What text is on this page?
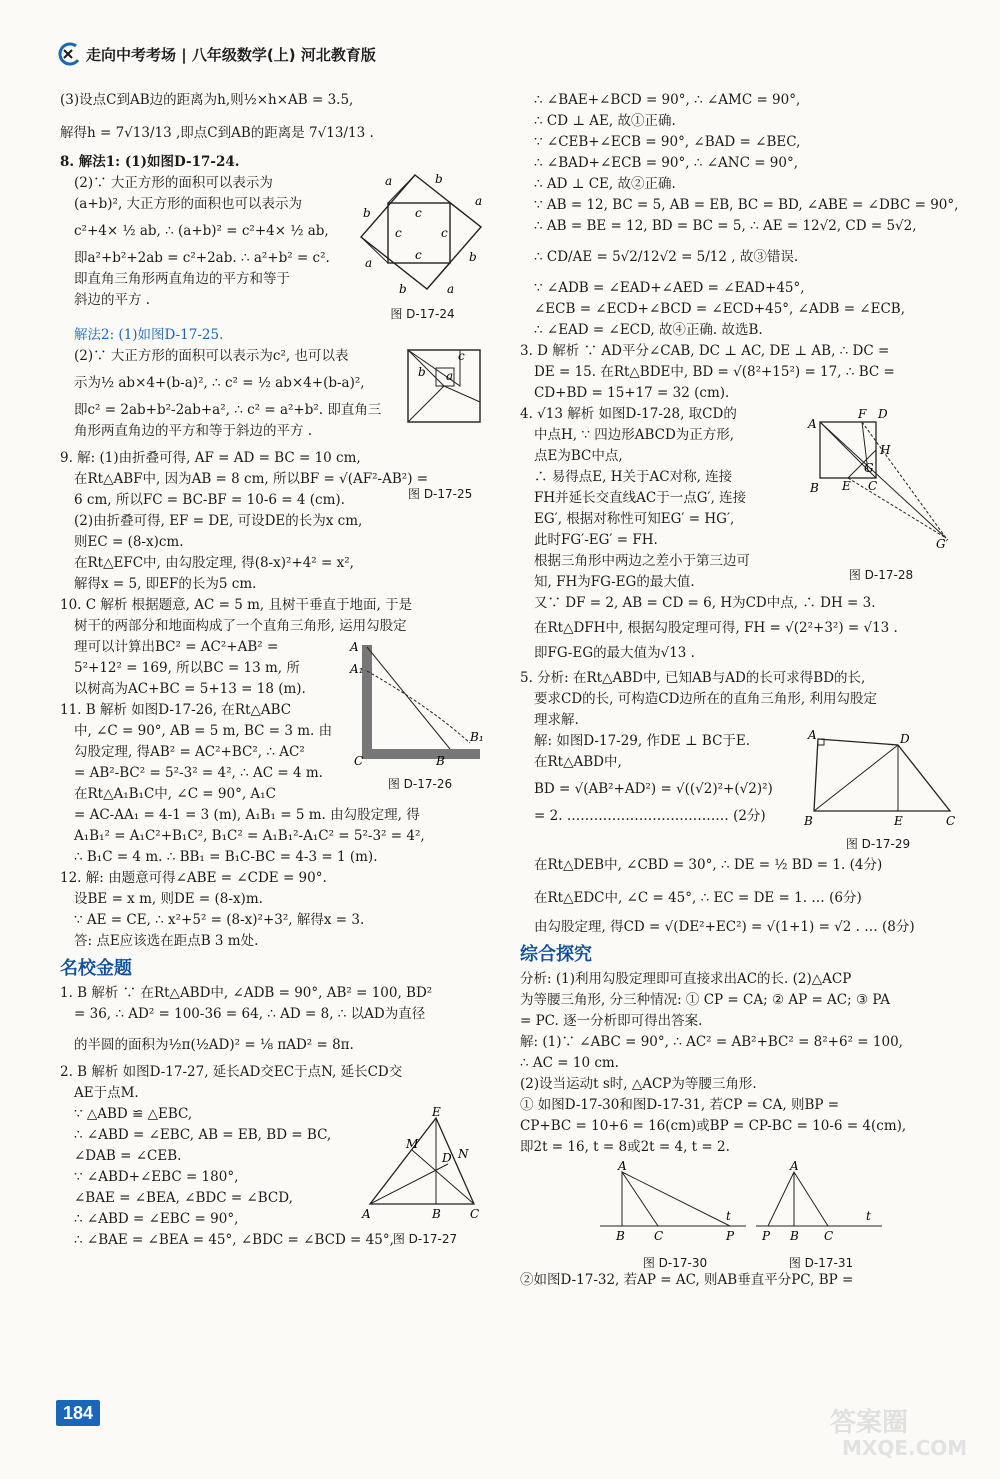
走向中考考场 | 八年级数学(上) 河北教育版

(3)设点C到AB边的距离为h,则½×h×AB = 3.5,

解得h = 7√13/13 ,即点C到AB的距离是 7√13/13 .

8. 解法1: (1)如图D-17-24.

a	b
b
a
c	c
c
c
a	b
b	a
图 D-17-24

(2)∵ 大正方形的面积可以表示为

(a+b)², 大正方形的面积也可以表示为

c²+4× ½ ab, ∴ (a+b)² = c²+4× ½ ab,

即a²+b²+2ab = c²+2ab. ∴ a²+b² = c².

即直角三角形两直角边的平方和等于

斜边的平方 .

解法2: (1)如图D-17-25.

c
b a

(2)∵ 大正方形的面积可以表示为c², 也可以表

示为½ ab×4+(b-a)², ∴ c² = ½ ab×4+(b-a)²,

即c² = 2ab+b²-2ab+a², ∴ c² = a²+b². 即直角三

角形两直角边的平方和等于斜边的平方 .

图 D-17-25

9. 解: (1)由折叠可得, AF = AD = BC = 10 cm,

在Rt△ABF中, 因为AB = 8 cm, 所以BF = √(AF²-AB²) =

6 cm, 所以FC = BC-BF = 10-6 = 4 (cm).

(2)由折叠可得, EF = DE, 可设DE的长为x cm,

则EC = (8-x)cm.

在Rt△EFC中, 由勾股定理, 得(8-x)²+4² = x²,

解得x = 5, 即EF的长为5 cm.

10. C 解析 根据题意, AC = 5 m, 且树干垂直于地面, 于是

树干的两部分和地面构成了一个直角三角形, 运用勾股定

A
A₁
C	B
B₁
图 D-17-26

理可以计算出BC² = AC²+AB² =

5²+12² = 169, 所以BC = 13 m, 所

以树高为AC+BC = 5+13 = 18 (m).

11. B 解析 如图D-17-26, 在Rt△ABC

中, ∠C = 90°, AB = 5 m, BC = 3 m. 由

勾股定理, 得AB² = AC²+BC², ∴ AC²

= AB²-BC² = 5²-3² = 4², ∴ AC = 4 m.

在Rt△A₁B₁C中, ∠C = 90°, A₁C

= AC-AA₁ = 4-1 = 3 (m), A₁B₁ = 5 m. 由勾股定理, 得

A₁B₁² = A₁C²+B₁C², B₁C² = A₁B₁²-A₁C² = 5²-3² = 4²,

∴ B₁C = 4 m. ∴ BB₁ = B₁C-BC = 4-3 = 1 (m).

12. 解: 由题意可得∠ABE = ∠CDE = 90°.

设BE = x m, 则DE = (8-x)m.

∵ AE = CE, ∴ x²+5² = (8-x)²+3², 解得x = 3.

答: 点E应该选在距点B 3 m处.

名校金题

1. B 解析 ∵ 在Rt△ABD中, ∠ADB = 90°, AB² = 100, BD²

= 36, ∴ AD² = 100-36 = 64, ∴ AD = 8, ∴ 以AD为直径

的半圆的面积为½π(½AD)² = ⅛ πAD² = 8π.

2. B 解析 如图D-17-27, 延长AD交EC于点N, 延长CD交

AE于点M.

E
M
D N
A	B C
图 D-17-27

∵ △ABD ≌ △EBC,

∴ ∠ABD = ∠EBC, AB = EB, BD = BC,

∠DAB = ∠CEB.

∵ ∠ABD+∠EBC = 180°,

∠BAE = ∠BEA, ∠BDC = ∠BCD,

∴ ∠ABD = ∠EBC = 90°,

∴ ∠BAE = ∠BEA = 45°, ∠BDC = ∠BCD = 45°,

∴ ∠BAE+∠BCD = 90°, ∴ ∠AMC = 90°,

∴ CD ⊥ AE, 故①正确.

∵ ∠CEB+∠ECB = 90°, ∠BAD = ∠BEC,

∴ ∠BAD+∠ECB = 90°, ∴ ∠ANC = 90°,

∴ AD ⊥ CE, 故②正确.

∵ AB = 12, BC = 5, AB = EB, BC = BD, ∠ABE = ∠DBC = 90°,

∴ AB = BE = 12, BD = BC = 5, ∴ AE = 12√2, CD = 5√2,

∴ CD/AE = 5√2/12√2 = 5/12 , 故③错误.

∵ ∠ADB = ∠EAD+∠AED = ∠EAD+45°,

∠ECB = ∠ECD+∠BCD = ∠ECD+45°, ∠ADB = ∠ECB,

∴ ∠EAD = ∠ECD, 故④正确. 故选B.

3. D 解析 ∵ AD平分∠CAB, DC ⊥ AC, DE ⊥ AB, ∴ DC =

DE = 15. 在Rt△BDE中, BD = √(8²+15²) = 17, ∴ BC =

CD+BD = 15+17 = 32 (cm).

F D
A
H
G
B E C
G′
图 D-17-28

4. √13 解析 如图D-17-28, 取CD的

中点H, ∵ 四边形ABCD为正方形,

点E为BC中点,

∴ 易得点E, H关于AC对称, 连接

FH并延长交直线AC于一点G′, 连接

EG′, 根据对称性可知EG′ = HG′,

此时FG′-EG′ = FH.

根据三角形中两边之差小于第三边可

知, FH为FG-EG的最大值.

又∵ DF = 2, AB = CD = 6, H为CD中点, ∴ DH = 3.

在Rt△DFH中, 根据勾股定理可得, FH = √(2²+3²) = √13 .

即FG-EG的最大值为√13 .

5. 分析: 在Rt△ABD中, 已知AB与AD的长可求得BD的长,

要求CD的长, 可构造CD边所在的直角三角形, 利用勾股定

理求解.

A	D
B	E	C
图 D-17-29

解: 如图D-17-29, 作DE ⊥ BC于E.

在Rt△ABD中,

BD = √(AB²+AD²) = √((√2)²+(√2)²)

= 2. ……………………………… (2分)

在Rt△DEB中, ∠CBD = 30°, ∴ DE = ½ BD = 1. (4分)

在Rt△EDC中, ∠C = 45°, ∴ EC = DE = 1. … (6分)

由勾股定理, 得CD = √(DE²+EC²) = √(1+1) = √2 . … (8分)

综合探究

分析: (1)利用勾股定理即可直接求出AC的长. (2)△ACP

为等腰三角形, 分三种情况: ① CP = CA; ② AP = AC; ③ PA

= PC. 逐一分析即可得出答案.

解: (1)∵ ∠ABC = 90°, ∴ AC² = AB²+BC² = 8²+6² = 100,

∴ AC = 10 cm.

(2)设当运动t s时, △ACP为等腰三角形.

① 如图D-17-30和图D-17-31, 若CP = CA, 则BP =

CP+BC = 10+6 = 16(cm)或BP = CP-BC = 10-6 = 4(cm),

即2t = 16, t = 8或2t = 4, t = 2.

A
B C	P
t
图 D-17-30
A
P B C
t
图 D-17-31

②如图D-17-32, 若AP = AC, 则AB垂直平分PC, BP =

184	答案圈
MXQE.COM
